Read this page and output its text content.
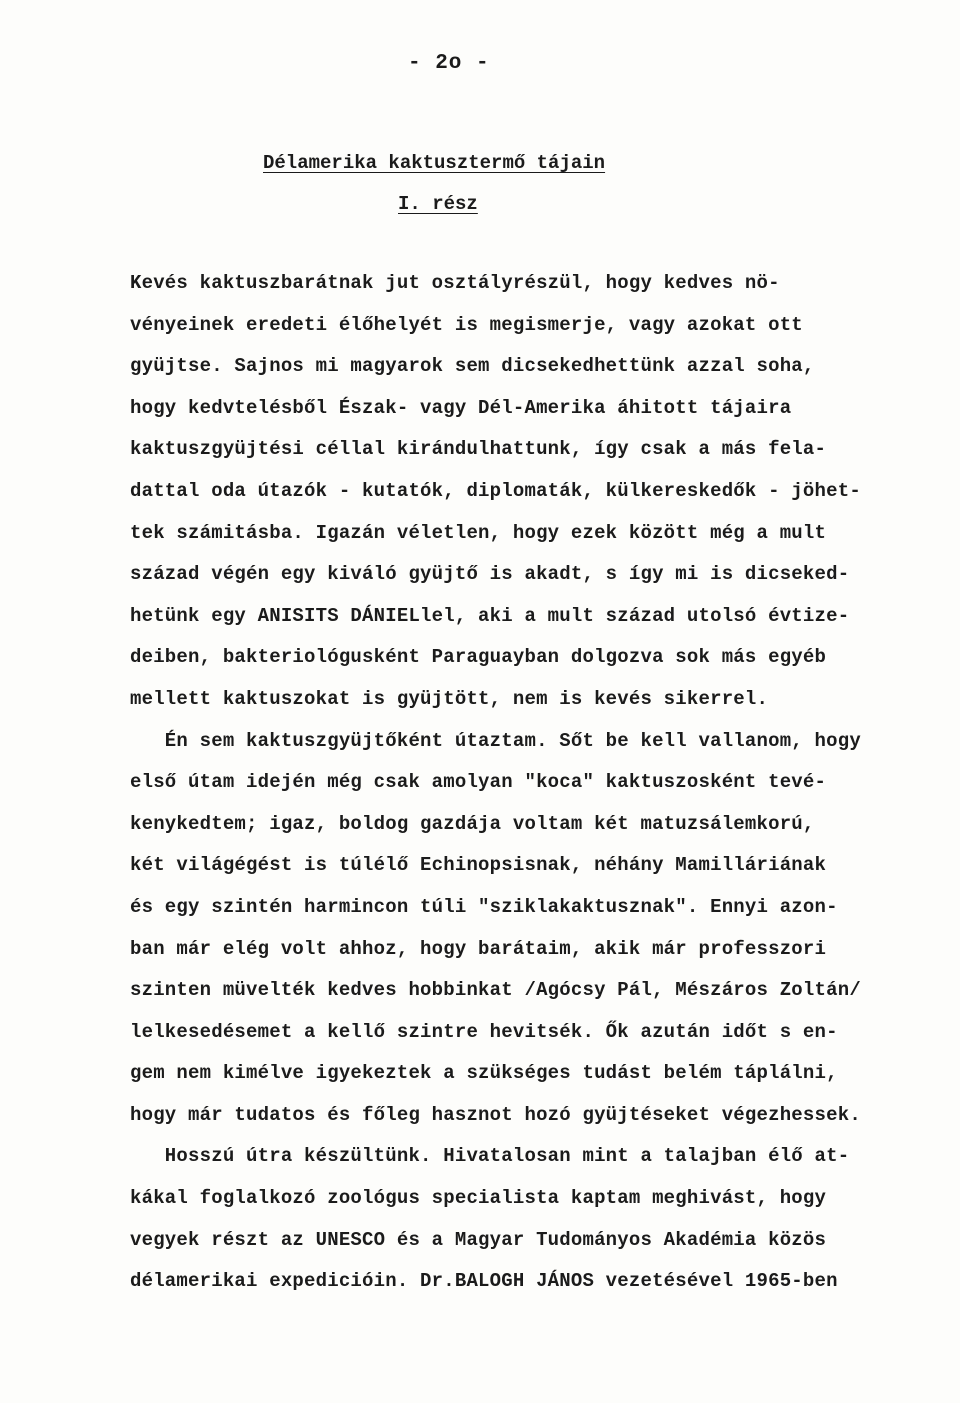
- 2o -
Délamerika kaktusztermő tájain
I. rész
Kevés kaktuszbarátnak jut osztályrészül, hogy kedves nö-
vényeinek eredeti élőhelyét is megismerje, vagy azokat ott
gyüjtse. Sajnos mi magyarok sem dicsekedhettünk azzal soha,
hogy kedvtelésből Észak- vagy Dél-Amerika áhitott tájaira
kaktuszgyüjtési céllal kirándulhattunk, így csak a más fela-
dattal oda útazók - kutatók, diplomaták, külkereskedők - jöhet-
tek számitásba. Igazán véletlen, hogy ezek között még a mult
század végén egy kiváló gyüjtő is akadt, s így mi is dicseked-
hetünk egy ANISITS DÁNIELlel, aki a mult század utolsó évtize-
deiben, bakteriológusként Paraguayban dolgozva sok más egyéb
mellett kaktuszokat is gyüjtött, nem is kevés sikerrel.
Én sem kaktuszgyüjtőként útaztam. Sőt be kell vallanom, hogy
első útam idején még csak amolyan "koca" kaktuszosként tevé-
kenykedtem; igaz, boldog gazdája voltam két matuzsálemkorú,
két világégést is túlélő Echinopsisnak, néhány Mamilláriának
és egy szintén harmincon túli "sziklakaktusznak". Ennyi azon-
ban már elég volt ahhoz, hogy barátaim, akik már professzori
szinten müvelték kedves hobbinkat /Agócsy Pál, Mészáros Zoltán/
lelkesedésemet a kellő szintre hevitsék. Ők azután időt s en-
gem nem kimélve igyekeztek a szükséges tudást belém táplálni,
hogy már tudatos és főleg hasznot hozó gyüjtéseket végezhessek.
Hosszú útra készültünk. Hivatalosan mint a talajban élő at-
kákal foglalkozó zoológus specialista kaptam meghivást, hogy
vegyek részt az UNESCO és a Magyar Tudományos Akadémia közös
délamerikai expedicióin. Dr.BALOGH JÁNOS vezetésével 1965-ben
